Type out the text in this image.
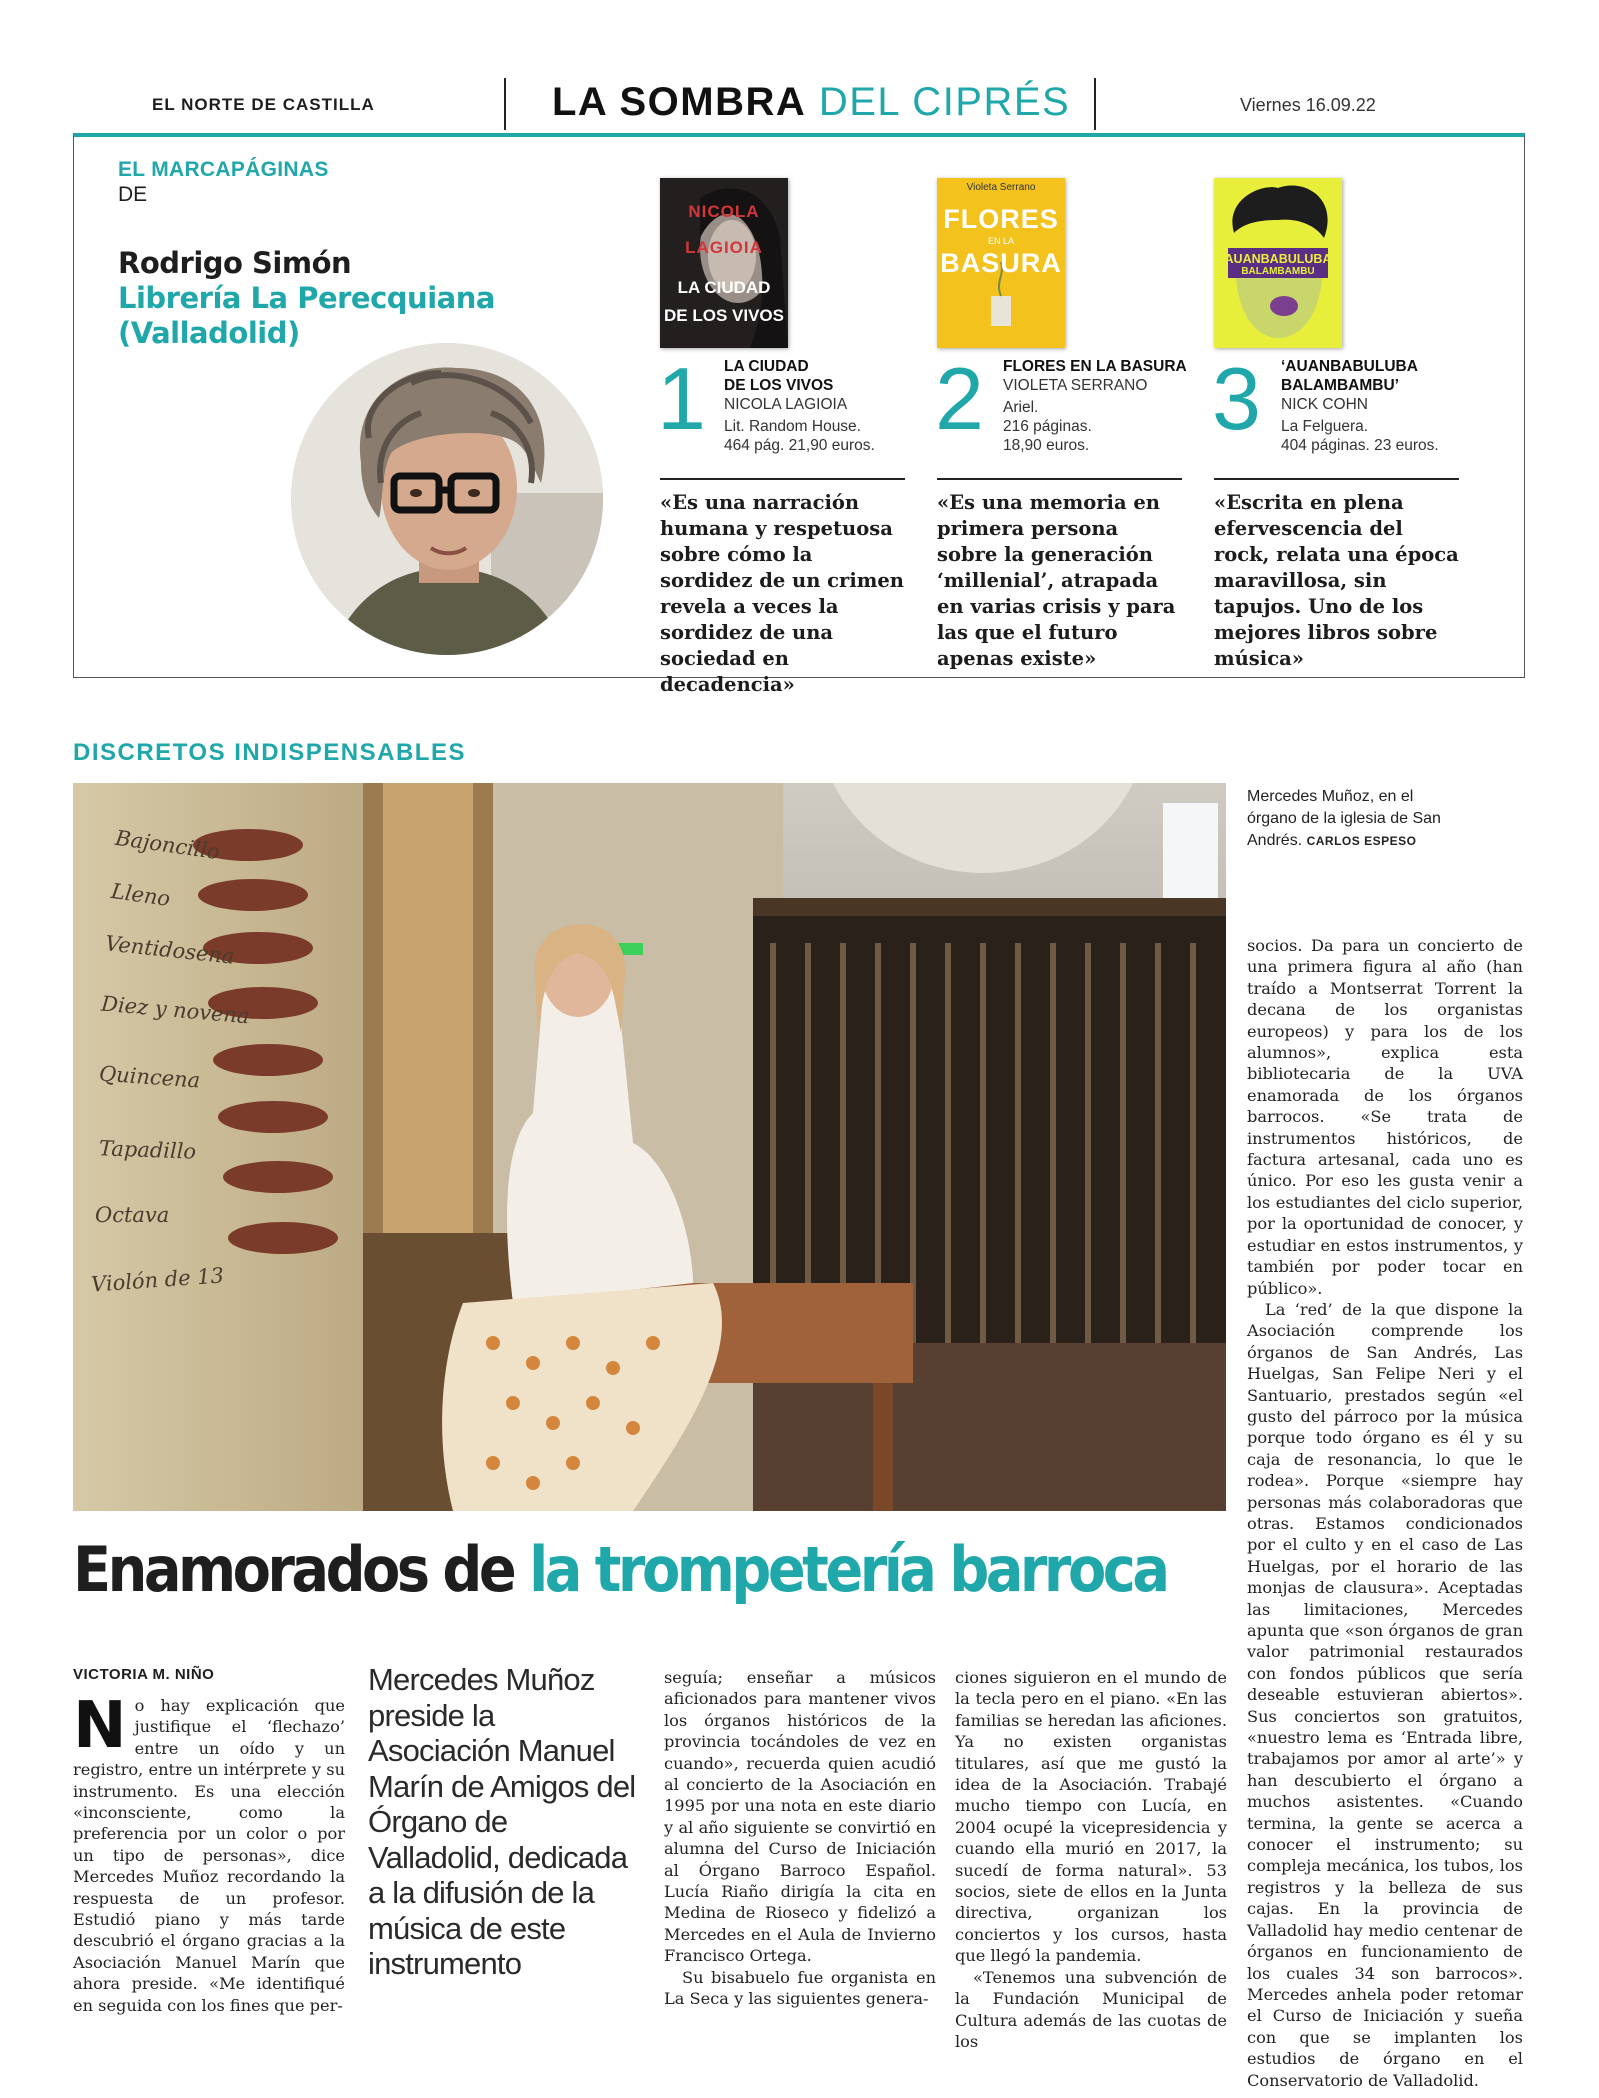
EL NORTE DE CASTILLA	LA SOMBRA DEL CIPRÉS	Viernes 16.09.22
EL MARCAPÁGINAS
DE
Rodrigo Simón
Librería La Perecquiana
(Valladolid)
NICOLA
LAGIOIA
LA CIUDAD
DE LOS VIVOS
1 LA CIUDAD
DE LOS VIVOS
NICOLA LAGIOIA
Lit. Random House.
464 pág. 21,90 euros.
«Es una narración humana y respetuosa sobre cómo la sordidez de un crimen revela a veces la sordidez de una sociedad en decadencia»
Violeta Serrano
FLORES
EN LA
BASURA
2 FLORES EN LA BASURA
VIOLETA SERRANO
Ariel.
216 páginas.
18,90 euros.
«Es una memoria en primera persona sobre la generación ‘millenial’, atrapada en varias crisis y para las que el futuro apenas existe»
AUANBABULUBA
BALAMBAMBU
3 ‘AUANBABULUBA
BALAMBAMBU’
NICK COHN
La Felguera.
404 páginas. 23 euros.
«Escrita en plena efervescencia del rock, relata una época maravillosa, sin tapujos. Uno de los mejores libros sobre música»
DISCRETOS INDISPENSABLES
Bajoncillo
Lleno
Ventidosena
Diez y novena
Quincena
Tapadillo
Octava
Violón de 13
Mercedes Muñoz, en el órgano de la iglesia de San Andrés. CARLOS ESPESO
Enamorados de la trompetería barroca
VICTORIA M. NIÑO

No hay explicación que justifique el ‘flechazo’ entre un oído y un registro, entre un intérprete y su instrumento. Es una elección «inconsciente, como la preferencia por un color o por un tipo de personas», dice Mercedes Muñoz recordando la respuesta de un profesor. Estudió piano y más tarde descubrió el órgano gracias a la Asociación Manuel Marín que ahora preside. «Me identifiqué en seguida con los fines que per-

Mercedes Muñoz preside la Asociación Manuel Marín de Amigos del Órgano de Valladolid, dedicada a la difusión de la música de este instrumento

seguía; enseñar a músicos aficionados para mantener vivos los órganos históricos de la provincia tocándoles de vez en cuando», recuerda quien acudió al concierto de la Asociación en 1995 por una nota en este diario y al año siguiente se convirtió en alumna del Curso de Iniciación al Órgano Barroco Español. Lucía Riaño dirigía la cita en Medina de Rioseco y fidelizó a Mercedes en el Aula de Invierno Francisco Ortega.

Su bisabuelo fue organista en La Seca y las siguientes genera-

ciones siguieron en el mundo de la tecla pero en el piano. «En las familias se heredan las aficiones. Ya no existen organistas titulares, así que me gustó la idea de la Asociación. Trabajé mucho tiempo con Lucía, en 2004 ocupé la vicepresidencia y cuando ella murió en 2017, la sucedí de forma natural». 53 socios, siete de ellos en la Junta directiva, organizan los conciertos y los cursos, hasta que llegó la pandemia.

«Tenemos una subvención de la Fundación Municipal de Cultura además de las cuotas de los

socios. Da para un concierto de una primera figura al año (han traído a Montserrat Torrent la decana de los organistas europeos) y para los de los alumnos», explica esta bibliotecaria de la UVA enamorada de los órganos barrocos. «Se trata de instrumentos históricos, de factura artesanal, cada uno es único. Por eso les gusta venir a los estudiantes del ciclo superior, por la oportunidad de conocer, y estudiar en estos instrumentos, y también por poder tocar en público».

La ‘red’ de la que dispone la Asociación comprende los órganos de San Andrés, Las Huelgas, San Felipe Neri y el Santuario, prestados según «el gusto del párroco por la música porque todo órgano es él y su caja de resonancia, lo que le rodea». Porque «siempre hay personas más colaboradoras que otras. Estamos condicionados por el culto y en el caso de Las Huelgas, por el horario de las monjas de clausura». Aceptadas las limitaciones, Mercedes apunta que «son órganos de gran valor patrimonial restaurados con fondos públicos que sería deseable estuvieran abiertos». Sus conciertos son gratuitos, «nuestro lema es ‘Entrada libre, trabajamos por amor al arte’» y han descubierto el órgano a muchos asistentes. «Cuando termina, la gente se acerca a conocer el instrumento; su compleja mecánica, los tubos, los registros y la belleza de sus cajas. En la provincia de Valladolid hay medio centenar de órganos en funcionamiento de los cuales 34 son barrocos». Mercedes anhela poder retomar el Curso de Iniciación y sueña con que se implanten los estudios de órgano en el Conservatorio de Valladolid.
